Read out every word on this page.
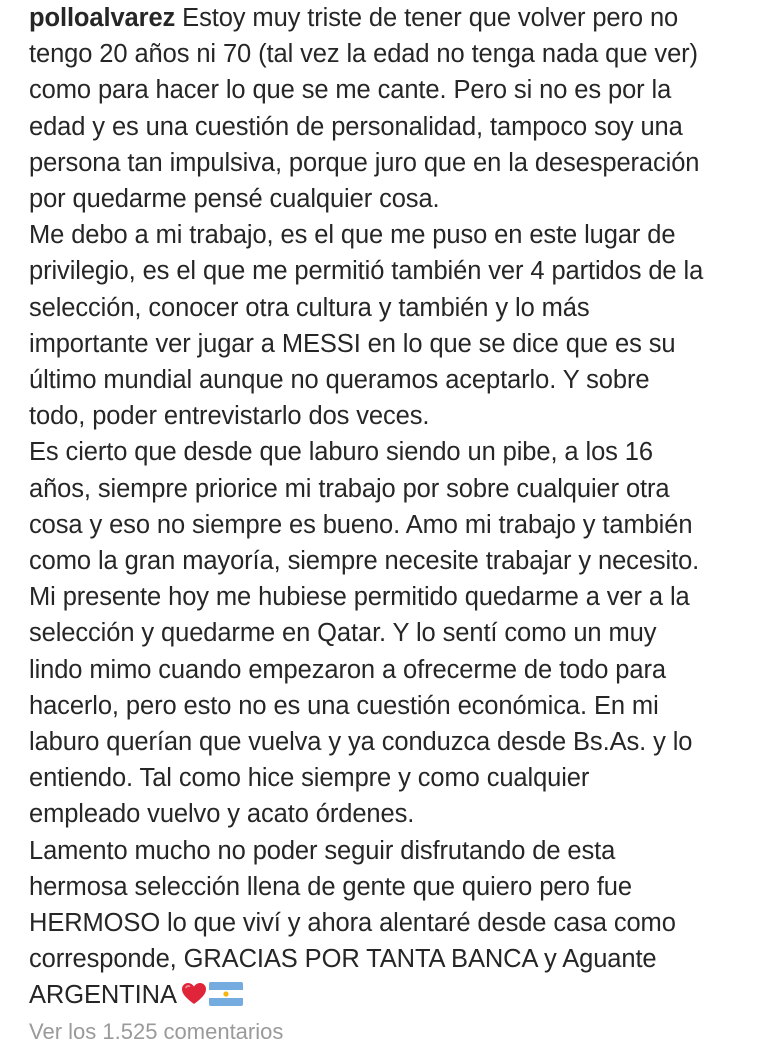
polloalvarez Estoy muy triste de tener que volver pero no
tengo 20 años ni 70 (tal vez la edad no tenga nada que ver)
como para hacer lo que se me cante. Pero si no es por la
edad y es una cuestión de personalidad, tampoco soy una
persona tan impulsiva, porque juro que en la desesperación
por quedarme pensé cualquier cosa.
Me debo a mi trabajo, es el que me puso en este lugar de
privilegio, es el que me permitió también ver 4 partidos de la
selección, conocer otra cultura y también y lo más
importante ver jugar a MESSI en lo que se dice que es su
último mundial aunque no queramos aceptarlo. Y sobre
todo, poder entrevistarlo dos veces.
Es cierto que desde que laburo siendo un pibe, a los 16
años, siempre priorice mi trabajo por sobre cualquier otra
cosa y eso no siempre es bueno. Amo mi trabajo y también
como la gran mayoría, siempre necesite trabajar y necesito.
Mi presente hoy me hubiese permitido quedarme a ver a la
selección y quedarme en Qatar. Y lo sentí como un muy
lindo mimo cuando empezaron a ofrecerme de todo para
hacerlo, pero esto no es una cuestión económica. En mi
laburo querían que vuelva y ya conduzca desde Bs.As. y lo
entiendo. Tal como hice siempre y como cualquier
empleado vuelvo y acato órdenes.
Lamento mucho no poder seguir disfrutando de esta
hermosa selección llena de gente que quiero pero fue
HERMOSO lo que viví y ahora alentaré desde casa como
corresponde, GRACIAS POR TANTA BANCA y Aguante
ARGENTINA
Ver los 1.525 comentarios
